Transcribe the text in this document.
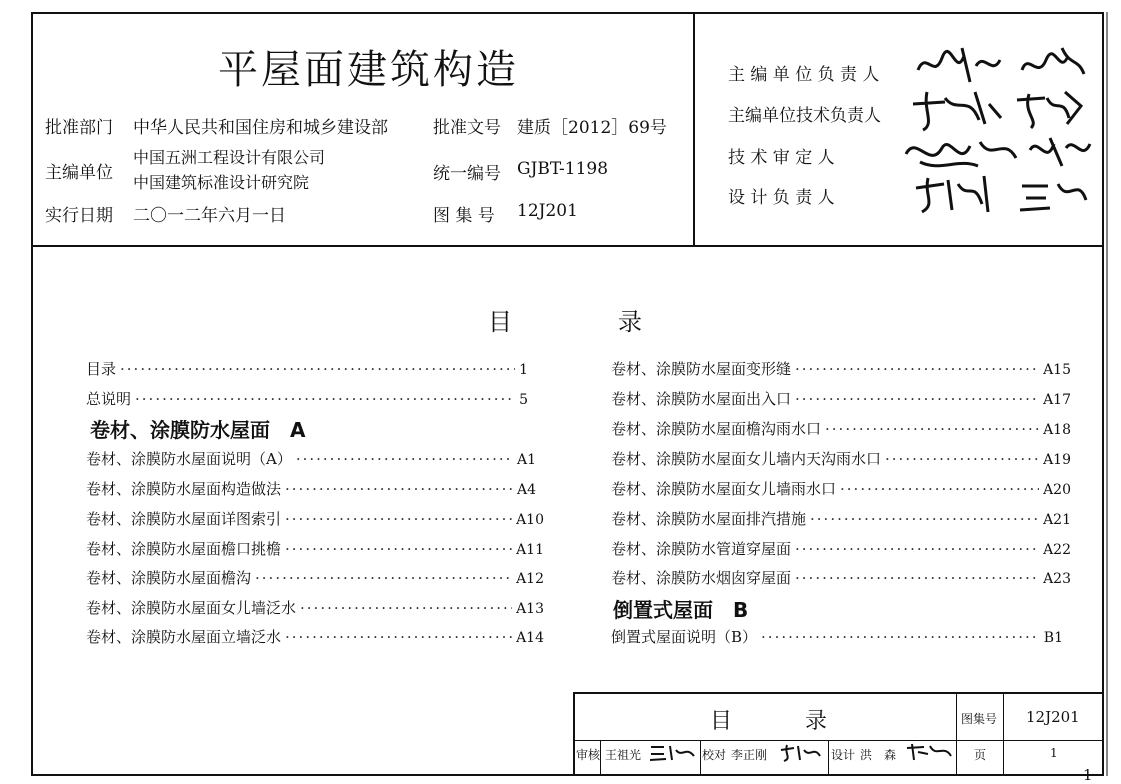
平屋面建筑构造
批准部门 中华人民共和国住房和城乡建设部	批准文号 建质［2012］69号
主编单位
中国五洲工程设计有限公司
中国建筑标准设计研究院	统一编号 GJBT-1198
实行日期 二〇一二年六月一日	图 集 号 12J201
主 编 单 位 负 责 人
主编单位技术负责人
技 术 审 定 人
设 计 负 责 人
目	录
目录 ·····	1
总说明 ·····	5
卷材、涂膜防水屋面　A
卷材、涂膜防水屋面说明（A） ·····	A1
卷材、涂膜防水屋面构造做法 ·····	A4
卷材、涂膜防水屋面详图索引 ·····	A10
卷材、涂膜防水屋面檐口挑檐 ·····	A11
卷材、涂膜防水屋面檐沟 ·····	A12
卷材、涂膜防水屋面女儿墙泛水 ·····	A13
卷材、涂膜防水屋面立墙泛水 ·····	A14
卷材、涂膜防水屋面变形缝 ·····	A15
卷材、涂膜防水屋面出入口 ·····	A17
卷材、涂膜防水屋面檐沟雨水口 ·····	A18
卷材、涂膜防水屋面女儿墙内天沟雨水口 ·····	A19
卷材、涂膜防水屋面女儿墙雨水口 ·····	A20
卷材、涂膜防水屋面排汽措施 ·····	A21
卷材、涂膜防水管道穿屋面 ·····	A22
卷材、涂膜防水烟囱穿屋面 ·····	A23
倒置式屋面　B
倒置式屋面说明（B） ·····	B1
目	录	图集号 12J201
审核 王祖光	校对 李正刚	设计 洪　森	页	1
1
